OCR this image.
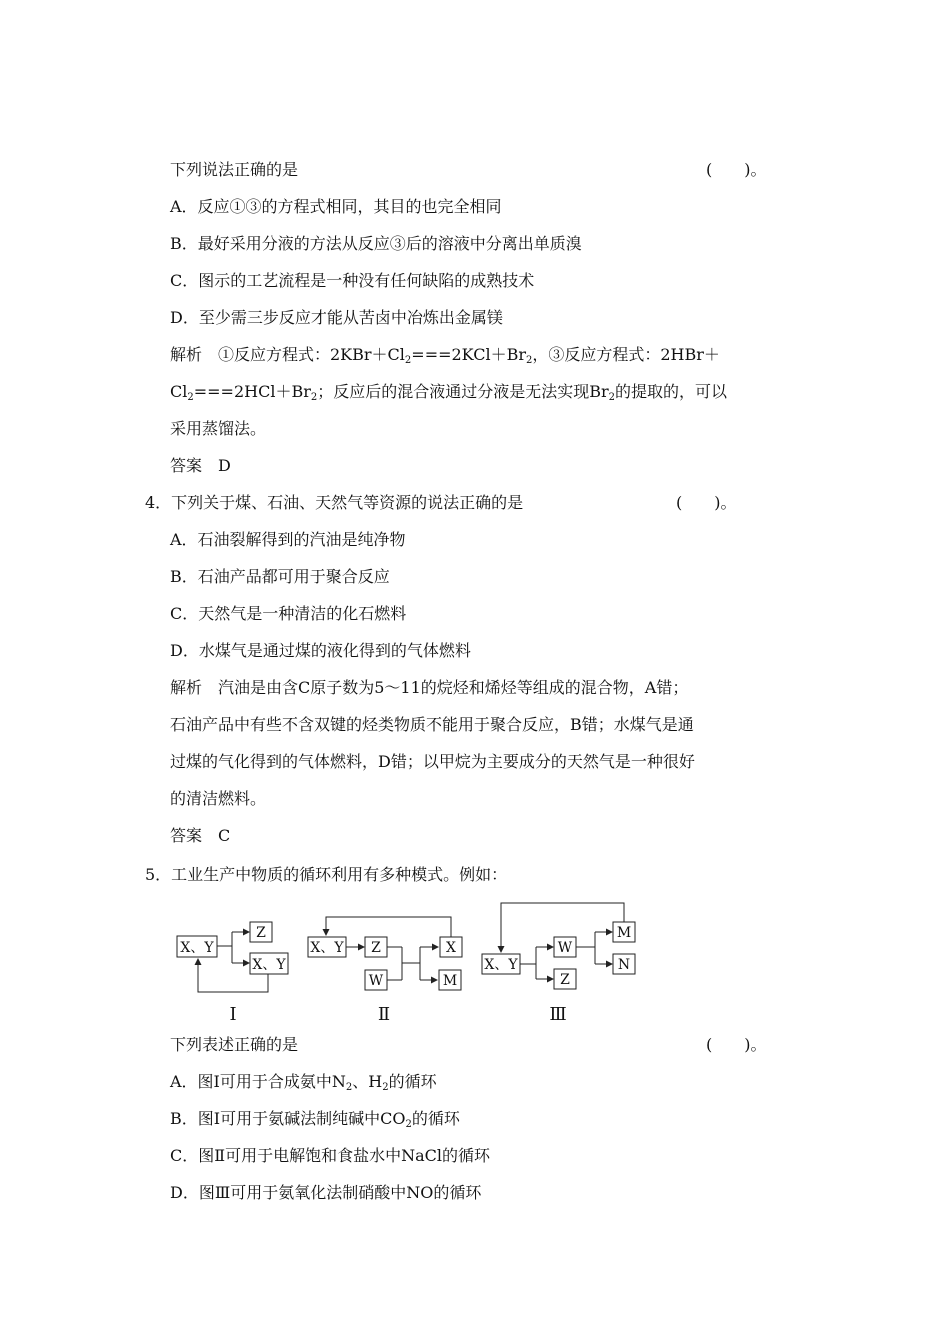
下列说法正确的是	(　　)。
A．反应①③的方程式相同，其目的也完全相同
B．最好采用分液的方法从反应③后的溶液中分离出单质溴
C．图示的工艺流程是一种没有任何缺陷的成熟技术
D．至少需三步反应才能从苦卤中冶炼出金属镁
解析　①反应方程式：$2KBr+Cl_2===2KCl+Br_2$，③反应方程式：2HBr＋
$Cl_2===2HCl+Br_2$；反应后的混合液通过分液是无法实现$Br_2$的提取的，可以
采用蒸馏法。
答案　D
4．下列关于煤、石油、天然气等资源的说法正确的是	(　　)。
A．石油裂解得到的汽油是纯净物
B．石油产品都可用于聚合反应
C．天然气是一种清洁的化石燃料
D．水煤气是通过煤的液化得到的气体燃料
解析　汽油是由含C原子数为5～11的烷烃和烯烃等组成的混合物，A错；
石油产品中有些不含双键的烃类物质不能用于聚合反应，B错；水煤气是通
过煤的气化得到的气体燃料，D错；以甲烷为主要成分的天然气是一种很好
的清洁燃料。
答案　C
5．工业生产中物质的循环利用有多种模式。例如：
X、Y
Z
X、Y
Ⅰ
X、Y Z
W
X
M
Ⅱ
X、Y
W
Z
M
N
Ⅲ
下列表述正确的是	(　　)。
A．图Ⅰ可用于合成氨中$N_2$、$H_2$的循环
B．图Ⅰ可用于氨碱法制纯碱中$CO_2$的循环
C．图Ⅱ可用于电解饱和食盐水中NaCl的循环
D．图Ⅲ可用于氨氧化法制硝酸中NO的循环
